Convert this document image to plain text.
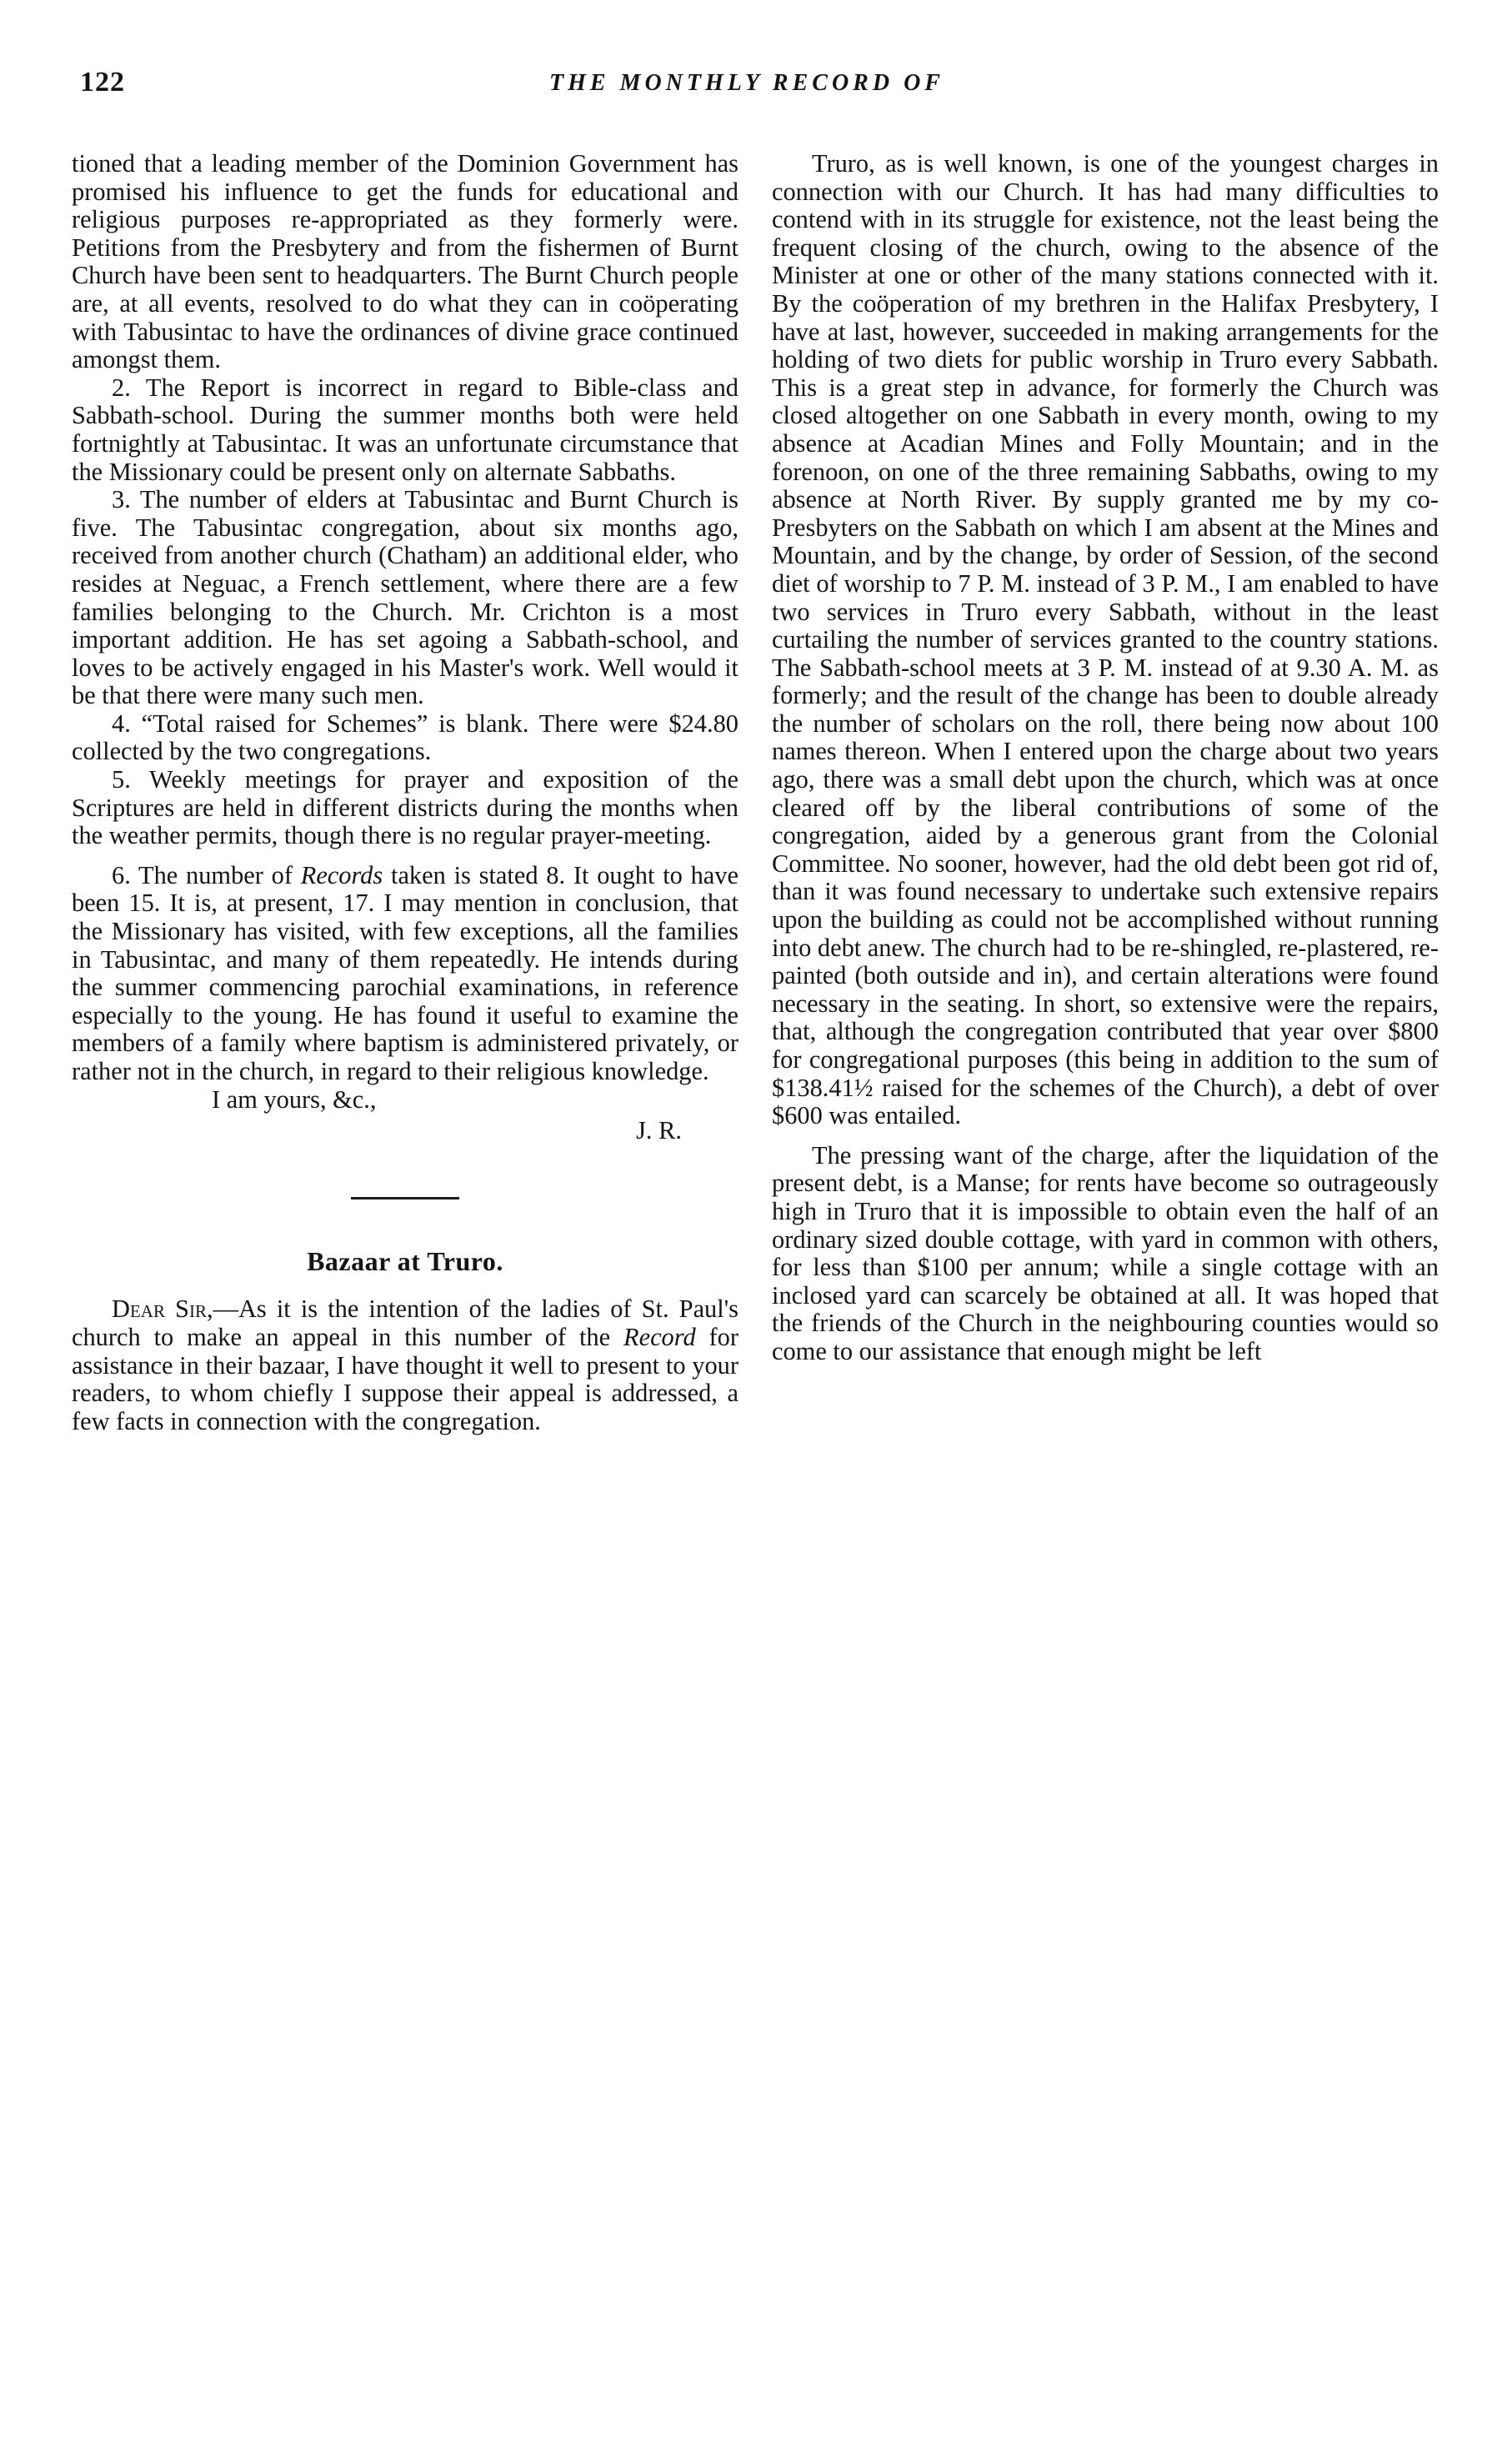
122	THE MONTHLY RECORD OF

tioned that a leading member of the Dominion Government has promised his influence to get the funds for educational and religious purposes re-appropriated as they formerly were. Petitions from the Presbytery and from the fishermen of Burnt Church have been sent to headquarters. The Burnt Church people are, at all events, resolved to do what they can in coöperating with Tabusintac to have the ordinances of divine grace continued amongst them.

2. The Report is incorrect in regard to Bible-class and Sabbath-school. During the summer months both were held fortnightly at Tabusintac. It was an unfortunate circumstance that the Missionary could be present only on alternate Sabbaths.

3. The number of elders at Tabusintac and Burnt Church is five. The Tabusintac congregation, about six months ago, received from another church (Chatham) an additional elder, who resides at Neguac, a French settlement, where there are a few families belonging to the Church. Mr. Crichton is a most important addition. He has set agoing a Sabbath-school, and loves to be actively engaged in his Master's work. Well would it be that there were many such men.

4. “Total raised for Schemes” is blank. There were $24.80 collected by the two congregations.

5. Weekly meetings for prayer and exposition of the Scriptures are held in different districts during the months when the weather permits, though there is no regular prayer-meeting.

6. The number of Records taken is stated 8. It ought to have been 15. It is, at present, 17. I may mention in conclusion, that the Missionary has visited, with few exceptions, all the families in Tabusintac, and many of them repeatedly. He intends during the summer commencing parochial examinations, in reference especially to the young. He has found it useful to examine the members of a family where baptism is administered privately, or rather not in the church, in regard to their religious knowledge.

I am yours, &c.,

J. R.

Bazaar at Truro.

Dear Sir,—As it is the intention of the ladies of St. Paul's church to make an appeal in this number of the Record for assistance in their bazaar, I have thought it well to present to your readers, to whom chiefly I suppose their appeal is addressed, a few facts in connection with the congregation.

Truro, as is well known, is one of the youngest charges in connection with our Church. It has had many difficulties to contend with in its struggle for existence, not the least being the frequent closing of the church, owing to the absence of the Minister at one or other of the many stations connected with it. By the coöperation of my brethren in the Halifax Presbytery, I have at last, however, succeeded in making arrangements for the holding of two diets for public worship in Truro every Sabbath. This is a great step in advance, for formerly the Church was closed altogether on one Sabbath in every month, owing to my absence at Acadian Mines and Folly Mountain; and in the forenoon, on one of the three remaining Sabbaths, owing to my absence at North River. By supply granted me by my co-Presbyters on the Sabbath on which I am absent at the Mines and Mountain, and by the change, by order of Session, of the second diet of worship to 7 P. M. instead of 3 P. M., I am enabled to have two services in Truro every Sabbath, without in the least curtailing the number of services granted to the country stations. The Sabbath-school meets at 3 P. M. instead of at 9.30 A. M. as formerly; and the result of the change has been to double already the number of scholars on the roll, there being now about 100 names thereon. When I entered upon the charge about two years ago, there was a small debt upon the church, which was at once cleared off by the liberal contributions of some of the congregation, aided by a generous grant from the Colonial Committee. No sooner, however, had the old debt been got rid of, than it was found necessary to undertake such extensive repairs upon the building as could not be accomplished without running into debt anew. The church had to be re-shingled, re-plastered, re-painted (both outside and in), and certain alterations were found necessary in the seating. In short, so extensive were the repairs, that, although the congregation contributed that year over $800 for congregational purposes (this being in addition to the sum of $138.41½ raised for the schemes of the Church), a debt of over $600 was entailed.

The pressing want of the charge, after the liquidation of the present debt, is a Manse; for rents have become so outrageously high in Truro that it is impossible to obtain even the half of an ordinary sized double cottage, with yard in common with others, for less than $100 per annum; while a single cottage with an inclosed yard can scarcely be obtained at all. It was hoped that the friends of the Church in the neighbouring counties would so come to our assistance that enough might be left
